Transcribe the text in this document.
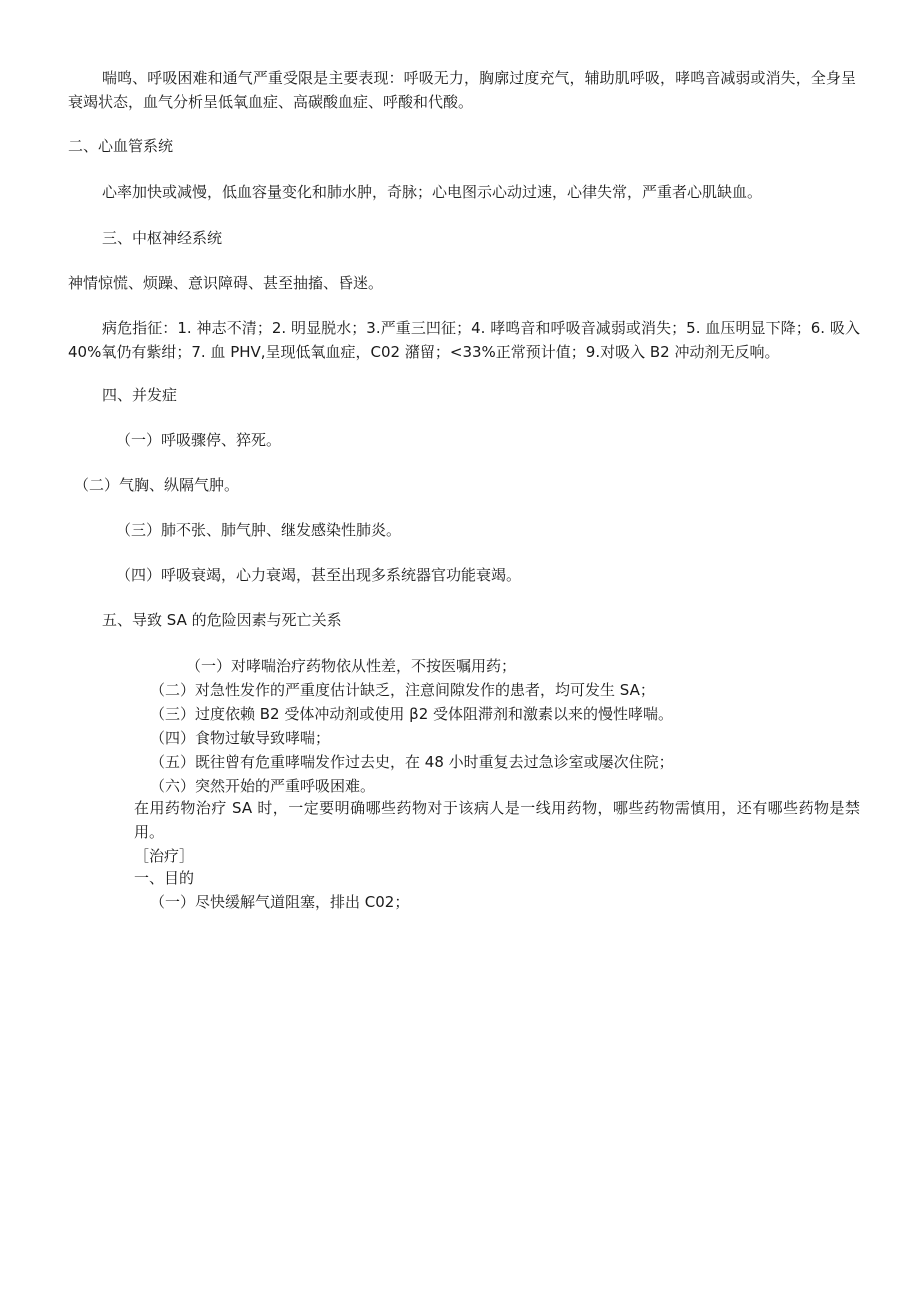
喘鸣、呼吸困难和通气严重受限是主要表现：呼吸无力，胸廓过度充气，辅助肌呼吸，哮鸣音减弱或消失，全身呈衰竭状态，血气分析呈低氧血症、高碳酸血症、呼酸和代酸。

二、心血管系统

心率加快或减慢，低血容量变化和肺水肿，奇脉；心电图示心动过速，心律失常，严重者心肌缺血。

三、中枢神经系统

神情惊慌、烦躁、意识障碍、甚至抽搐、昏迷。

病危指征：1. 神志不清；2. 明显脱水；3.严重三凹征；4. 哮鸣音和呼吸音减弱或消失；5. 血压明显下降；6. 吸入 40%氧仍有紫绀；7. 血 PHV,呈现低氧血症，C02 潴留；<33%正常预计值；9.对吸入 B2 冲动剂无反响。

四、并发症

（一）呼吸骤停、猝死。

（二）气胸、纵隔气肿。

（三）肺不张、肺气肿、继发感染性肺炎。

（四）呼吸衰竭，心力衰竭，甚至出现多系统器官功能衰竭。

五、导致 SA 的危险因素与死亡关系

（一）对哮喘治疗药物依从性差，不按医嘱用药；

（二）对急性发作的严重度估计缺乏，注意间隙发作的患者，均可发生 SA；

（三）过度依赖 B2 受体冲动剂或使用 β2 受体阻滞剂和激素以来的慢性哮喘。

（四）食物过敏导致哮喘；

（五）既往曾有危重哮喘发作过去史，在 48 小时重复去过急诊室或屡次住院；

（六）突然开始的严重呼吸困难。

在用药物治疗 SA 时，一定要明确哪些药物对于该病人是一线用药物，哪些药物需慎用，还有哪些药物是禁用。

［治疗］

一、目的

（一）尽快缓解气道阻塞，排出 C02；
